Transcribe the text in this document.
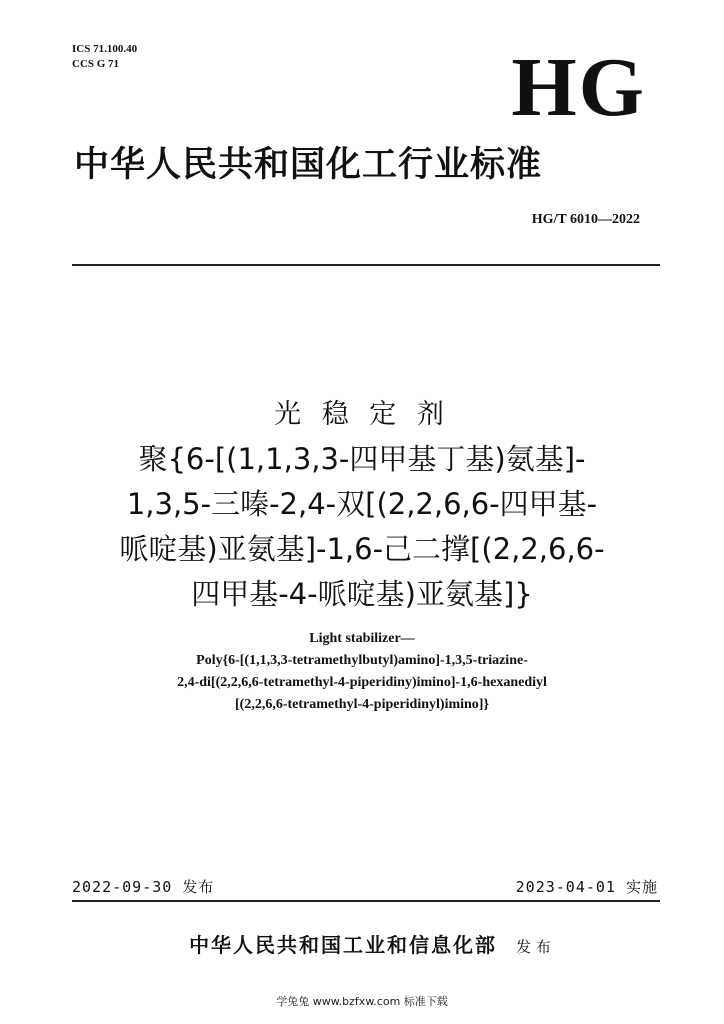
ICS 71.100.40
CCS G 71	HG
中华人民共和国化工行业标准
HG/T 6010—2022
光 稳 定 剂
聚{6-[(1,1,3,3-四甲基丁基)氨基]-
1,3,5-三嗪-2,4-双[(2,2,6,6-四甲基-
哌啶基)亚氨基]-1,6-己二撑[(2,2,6,6-
四甲基-4-哌啶基)亚氨基]}
Light stabilizer—
Poly{6-[(1,1,3,3-tetramethylbutyl)amino]-1,3,5-triazine-
2,4-di[(2,2,6,6-tetramethyl-4-piperidiny)imino]-1,6-hexanediyl
[(2,2,6,6-tetramethyl-4-piperidinyl)imino]}
2022-09-30 发布	2023-04-01 实施
中华人民共和国工业和信息化部 发 布
学兔兔 www.bzfxw.com 标准下载
